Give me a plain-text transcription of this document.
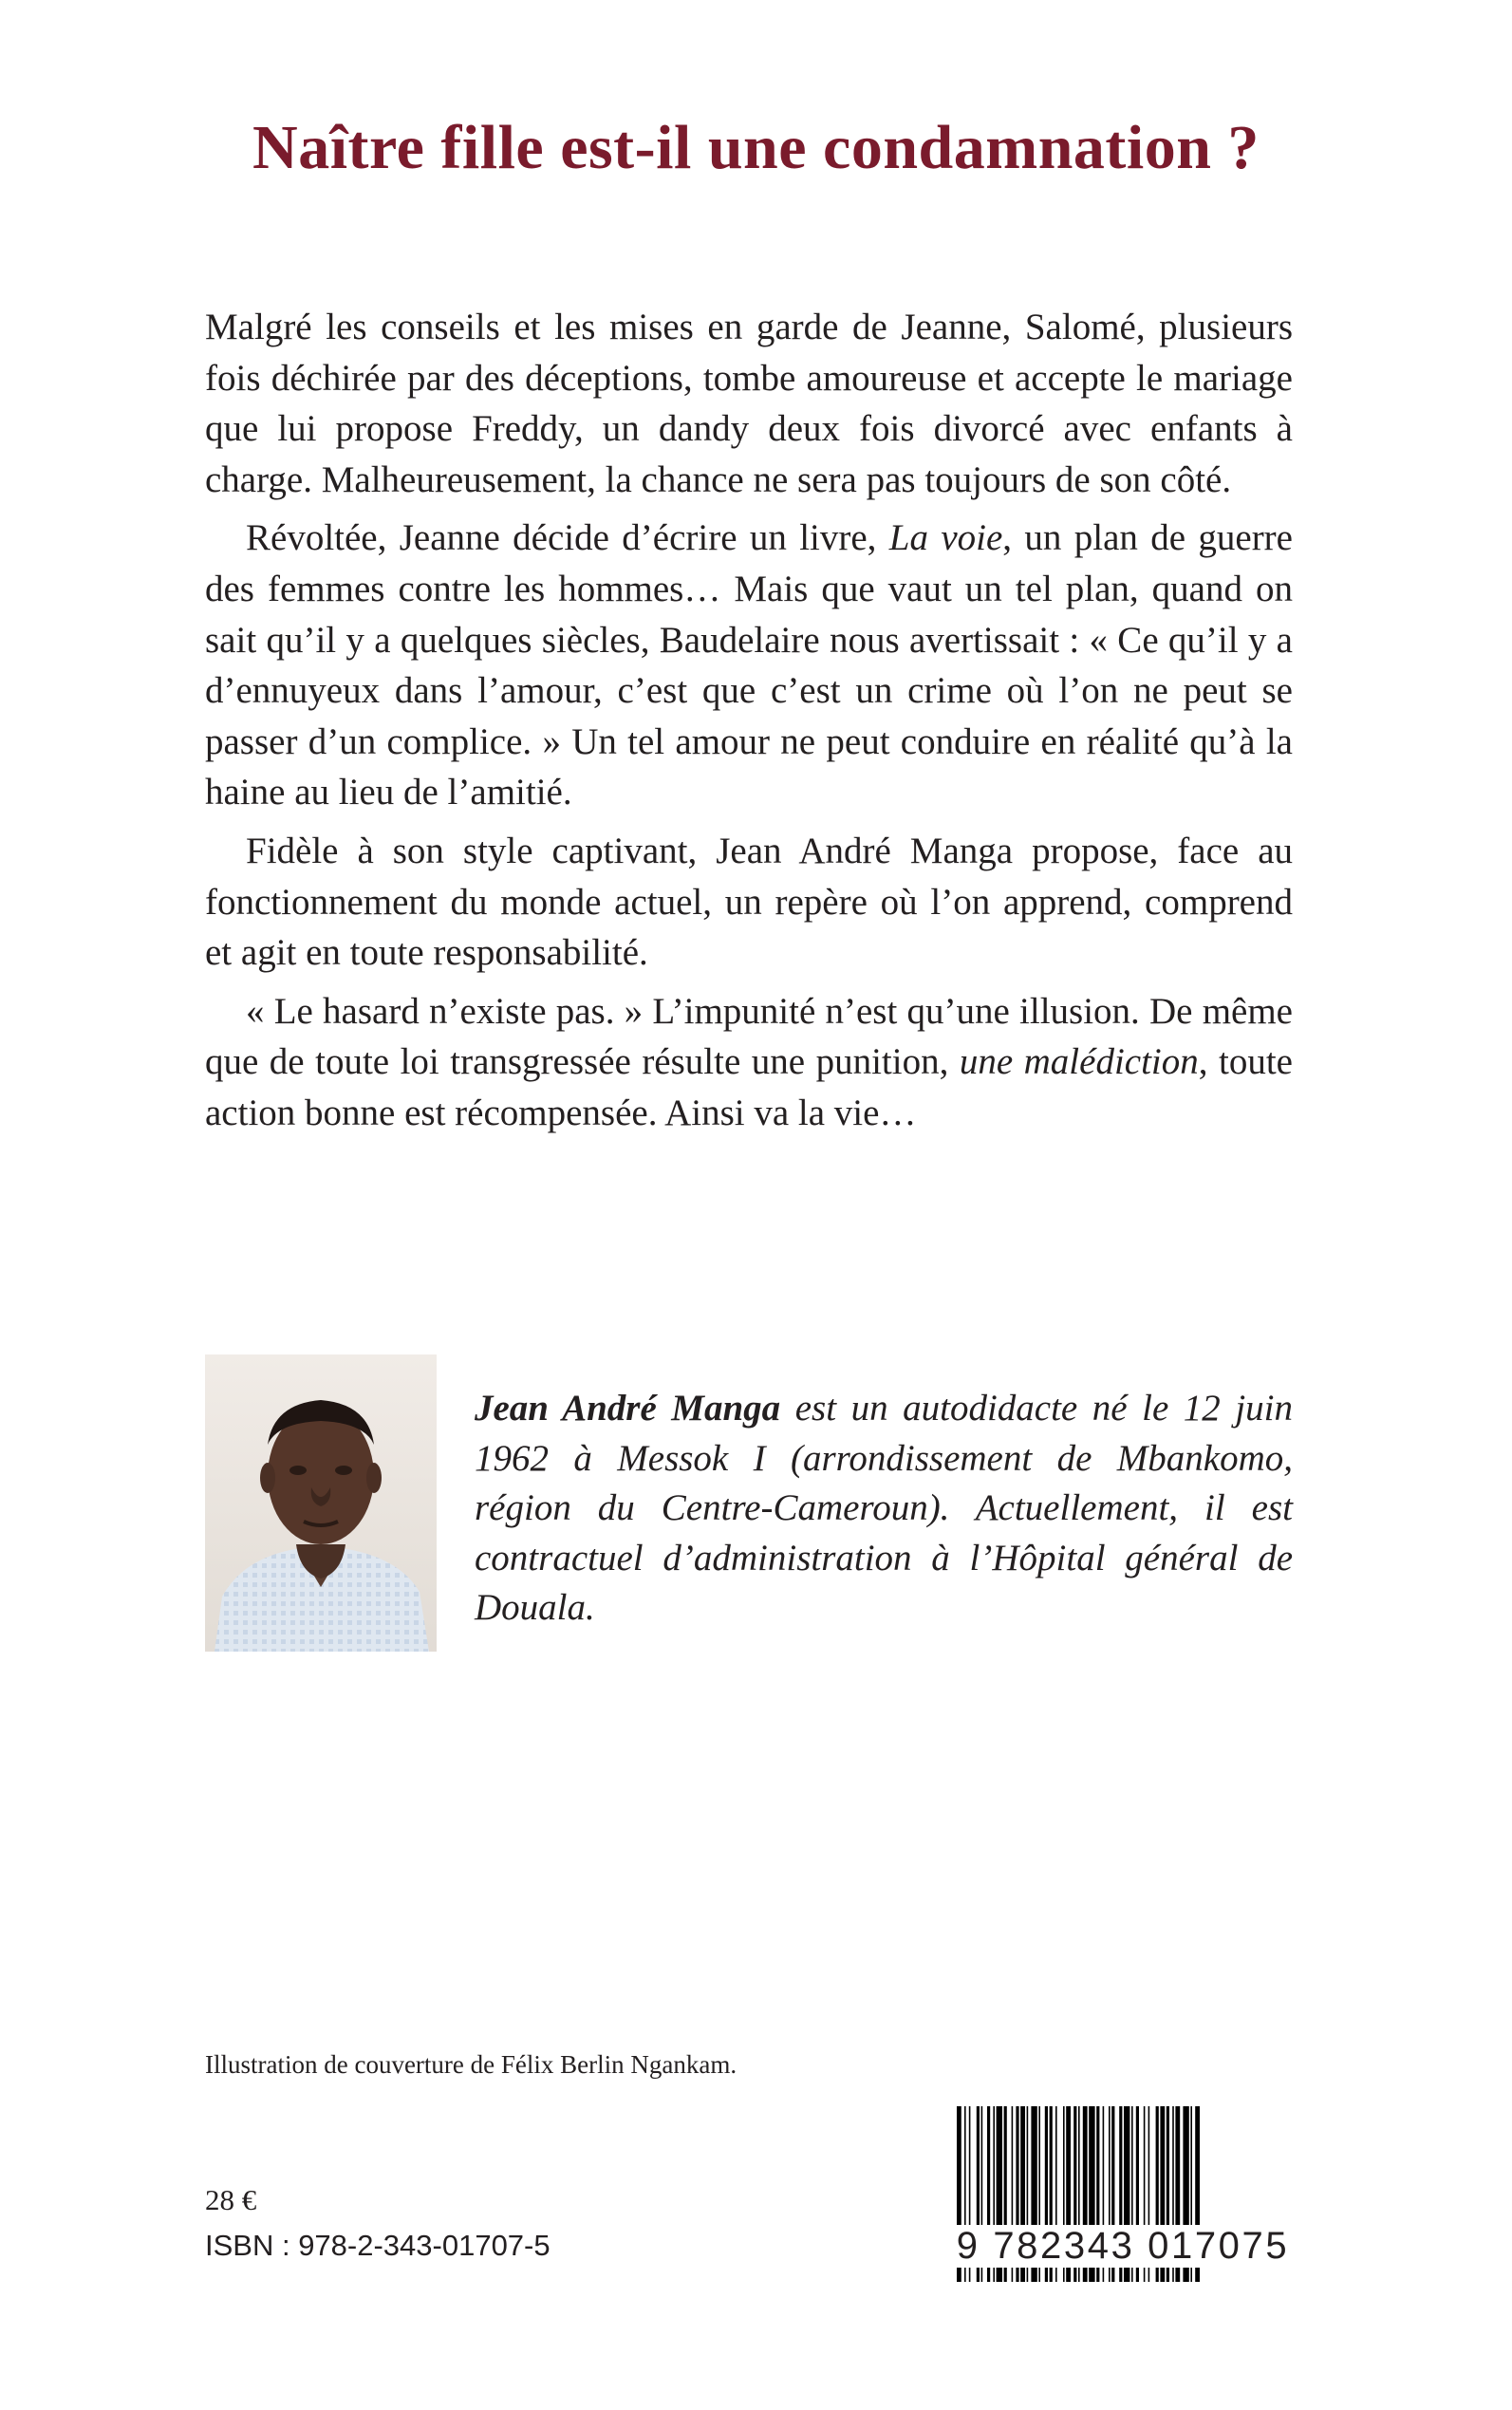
Naître fille est-il une condamnation ?

Malgré les conseils et les mises en garde de Jeanne, Salomé, plusieurs fois déchirée par des déceptions, tombe amoureuse et accepte le mariage que lui propose Freddy, un dandy deux fois divorcé avec enfants à charge. Malheureusement, la chance ne sera pas toujours de son côté.

Révoltée, Jeanne décide d’écrire un livre, La voie, un plan de guerre des femmes contre les hommes… Mais que vaut un tel plan, quand on sait qu’il y a quelques siècles, Baudelaire nous avertissait : « Ce qu’il y a d’ennuyeux dans l’amour, c’est que c’est un crime où l’on ne peut se passer d’un complice. » Un tel amour ne peut conduire en réalité qu’à la haine au lieu de l’amitié.

Fidèle à son style captivant, Jean André Manga propose, face au fonctionnement du monde actuel, un repère où l’on apprend, comprend et agit en toute responsabilité.

« Le hasard n’existe pas. » L’impunité n’est qu’une illusion. De même que de toute loi transgressée résulte une punition, une malédiction, toute action bonne est récompensée. Ainsi va la vie…

Jean André Manga est un autodidacte né le 12 juin 1962 à Messok I (arrondissement de Mbankomo, région du Centre-Cameroun). Actuellement, il est contractuel d’administration à l’Hôpital général de Douala.
Illustration de couverture de Félix Berlin Ngankam.
28 €
ISBN : 978-2-343-01707-5	9 782343 017075
